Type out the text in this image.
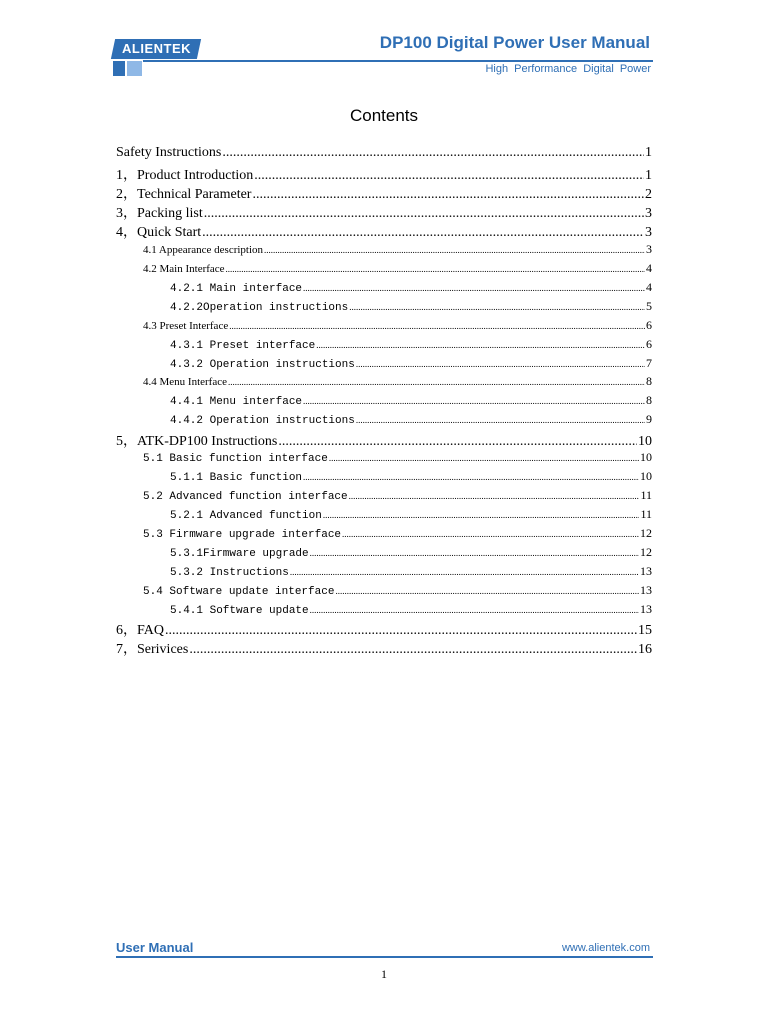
ALIENTEK	DP100 Digital Power User Manual
High Performance Digital Power
Contents
Safety Instructions .....	1
1，Product Introduction .....	1
2，Technical Parameter .....	2
3，Packing list .....	3
4，Quick Start .....	3
4.1 Appearance description .....	3
4.2 Main Interface .....	4
4.2.1 Main interface .....	4
4.2.2Operation instructions .....	5
4.3 Preset Interface .....	6
4.3.1 Preset interface .....	6
4.3.2 Operation instructions .....	7
4.4 Menu Interface .....	8
4.4.1 Menu interface .....	8
4.4.2 Operation instructions .....	9
5，ATK-DP100 Instructions .....	10
5.1 Basic function interface .....	10
5.1.1 Basic function .....	10
5.2 Advanced function interface .....	11
5.2.1 Advanced function .....	11
5.3 Firmware upgrade interface .....	12
5.3.1Firmware upgrade .....	12
5.3.2 Instructions .....	13
5.4 Software update interface .....	13
5.4.1 Software update .....	13
6，FAQ .....	15
7，Serivices .....	16
User Manual	www.alientek.com
1
